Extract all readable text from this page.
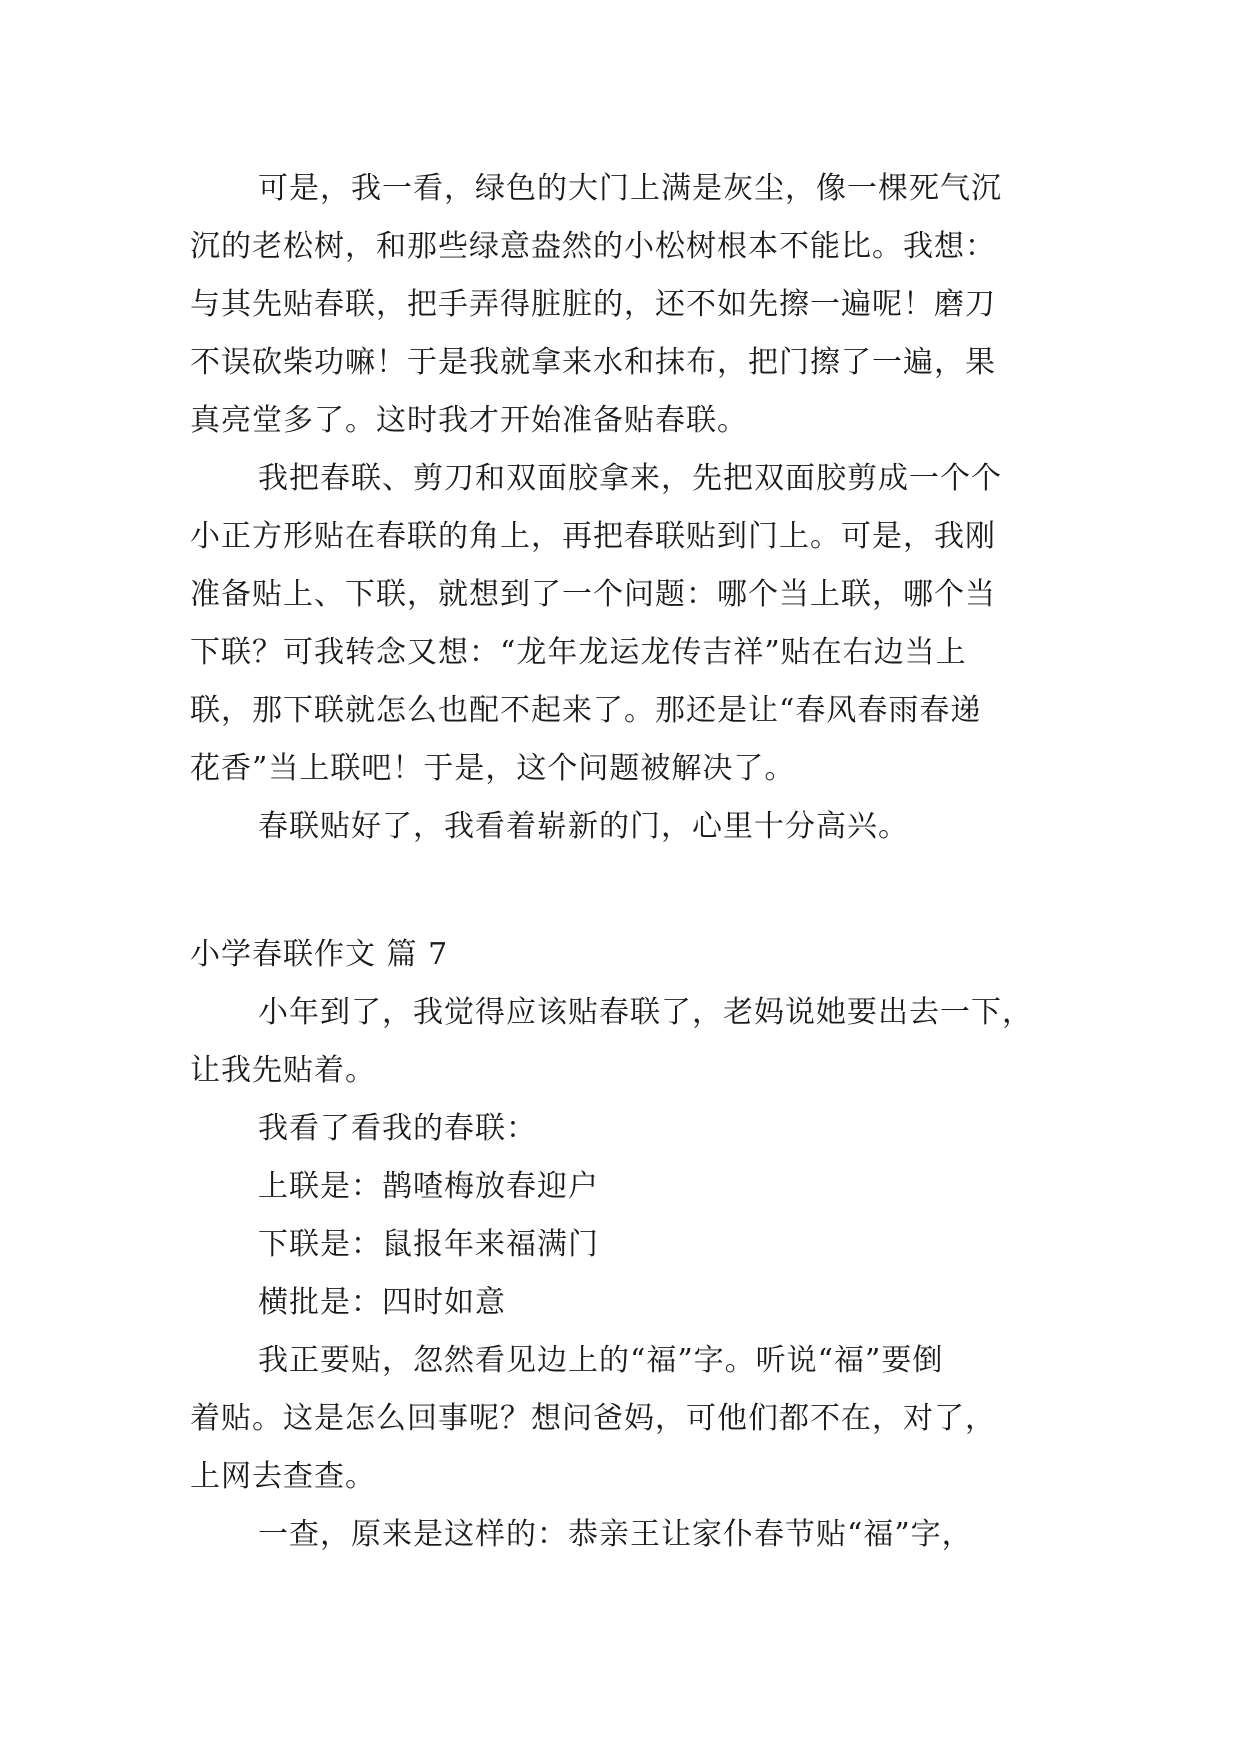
可是，我一看，绿色的大门上满是灰尘，像一棵死气沉
沉的老松树，和那些绿意盎然的小松树根本不能比。我想：
与其先贴春联，把手弄得脏脏的，还不如先擦一遍呢！磨刀
不误砍柴功嘛！于是我就拿来水和抹布，把门擦了一遍，果
真亮堂多了。这时我才开始准备贴春联。
我把春联、剪刀和双面胶拿来，先把双面胶剪成一个个
小正方形贴在春联的角上，再把春联贴到门上。可是，我刚
准备贴上、下联，就想到了一个问题：哪个当上联，哪个当
下联？可我转念又想：“龙年龙运龙传吉祥”贴在右边当上
联，那下联就怎么也配不起来了。那还是让“春风春雨春递
花香”当上联吧！于是，这个问题被解决了。
春联贴好了，我看着崭新的门，心里十分高兴。
小学春联作文 篇 7
小年到了，我觉得应该贴春联了，老妈说她要出去一下，
让我先贴着。
我看了看我的春联：
上联是：鹊喳梅放春迎户
下联是：鼠报年来福满门
横批是：四时如意
我正要贴，忽然看见边上的“福”字。听说“福”要倒
着贴。这是怎么回事呢？想问爸妈，可他们都不在，对了，
上网去查查。
一查，原来是这样的：恭亲王让家仆春节贴“福”字，
